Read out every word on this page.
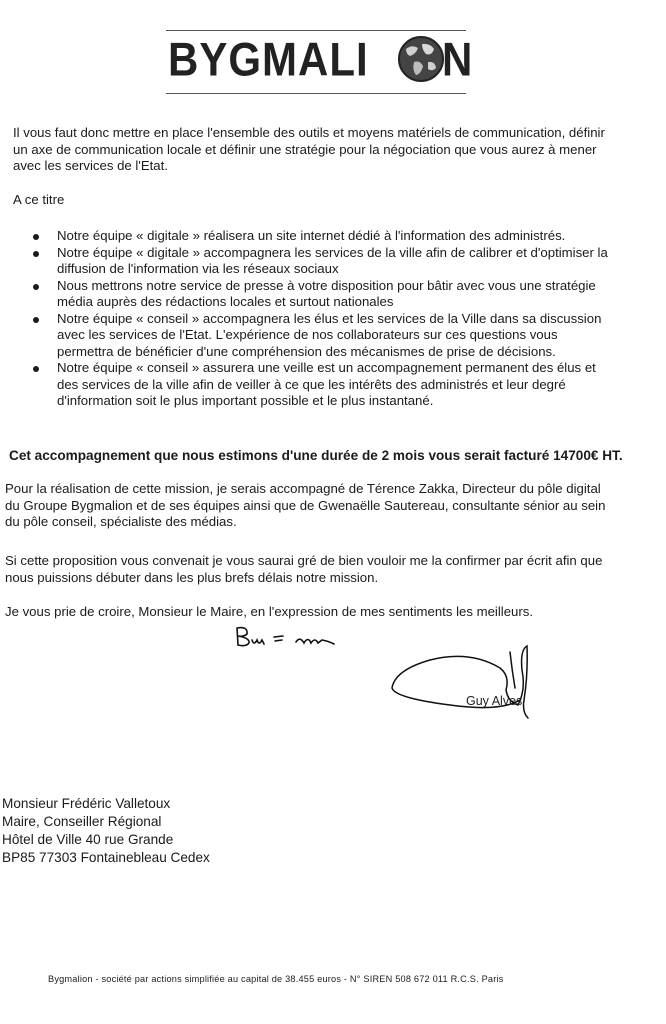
BYGMALI N
Il vous faut donc mettre en place l'ensemble des outils et moyens matériels de communication, définir un axe de communication locale et définir une stratégie pour la négociation que vous aurez à mener avec les services de l'Etat.
A ce titre
Notre équipe « digitale » réalisera un site internet dédié à l'information des administrés.
Notre équipe « digitale » accompagnera les services de la ville afin de calibrer et d'optimiser la diffusion de l'information via les réseaux sociaux
Nous mettrons notre service de presse à votre disposition pour bâtir avec vous une stratégie média auprès des rédactions locales et surtout nationales
Notre équipe « conseil » accompagnera les élus et les services de la Ville dans sa discussion avec les services de l'Etat. L'expérience de nos collaborateurs sur ces questions vous permettra de bénéficier d'une compréhension des mécanismes de prise de décisions.
Notre équipe « conseil » assurera une veille est un accompagnement permanent des élus et des services de la ville afin de veiller à ce que les intérêts des administrés et leur degré d'information soit le plus important possible et le plus instantané.
Cet accompagnement que nous estimons d'une durée de 2 mois vous serait facturé 14700€ HT.
Pour la réalisation de cette mission, je serais accompagné de Térence Zakka, Directeur du pôle digital du Groupe Bygmalion et de ses équipes ainsi que de Gwenaëlle Sautereau, consultante sénior au sein du pôle conseil, spécialiste des médias.
Si cette proposition vous convenait je vous saurai gré de bien vouloir me la confirmer par écrit afin que nous puissions débuter dans les plus brefs délais notre mission.
Je vous prie de croire, Monsieur le Maire, en l'expression de mes sentiments les meilleurs.
Guy Alves
Monsieur Frédéric Valletoux
Maire, Conseiller Régional
Hôtel de Ville 40 rue Grande
BP85 77303 Fontainebleau Cedex
Bygmalion - société par actions simplifiée au capital de 38.455 euros - N° SIREN 508 672 011 R.C.S. Paris
